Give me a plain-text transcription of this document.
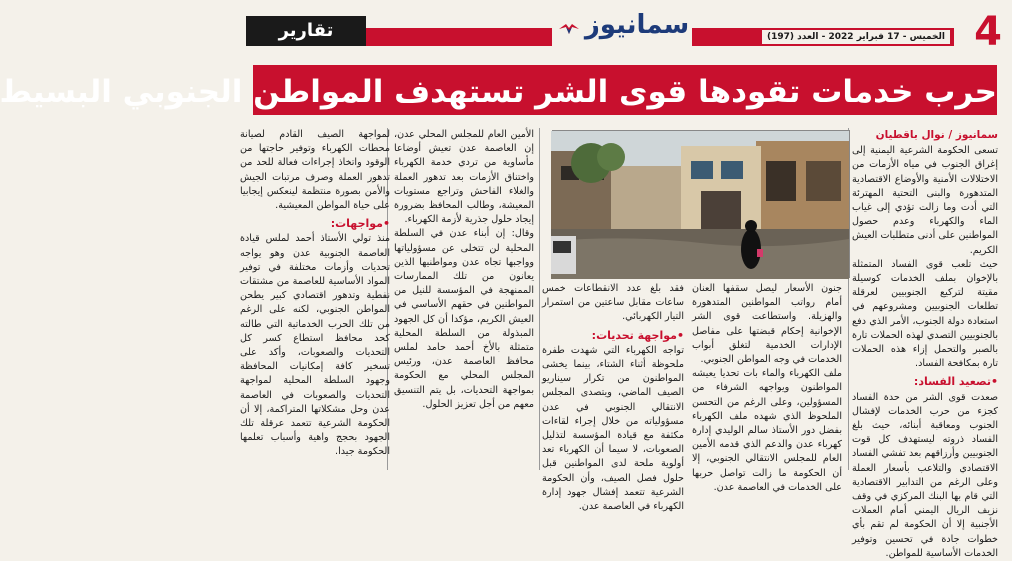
4
الخميس - 17 فبراير 2022 - العدد (197)
سمانيوز
تقارير
حرب خدمات تقودها قوى الشر تستهدف المواطن الجنوبي البسيط
سمانيوز / نوال باقطيان

تسعى الحكومة الشرعية اليمنية إلى إغراق الجنوب في مياه الأزمات من الاختلالات الأمنية والأوضاع الاقتصادية المتدهورة والبنى التحتية المهترئة التي أدت وما زالت تؤدي إلى غياب الماء والكهرباء وعدم حصول المواطنين على أدنى متطلبات العيش الكريم.

حيث تلعب قوى الفساد المتمثلة بالإخوان بملف الخدمات كوسيلة مقيتة لتركيع الجنوبيين لعرقلة تطلعات الجنوبيين ومشروعهم في استعادة دولة الجنوب، الأمر الذي دفع بالجنوبيين التصدي لهذه الحملات تارة بالصبر والتحمل إزاء هذه الحملات تارة بمكافحة الفساد.

•تصعيد الفساد:

صعدت قوى الشر من حدة الفساد كجزء من حرب الخدمات لإفشال الجنوب ومعاقبة أبنائه، حيث بلغ الفساد ذروته ليستهدف كل قوت الجنوبيين وأرزاقهم بعد تفشي الفساد الاقتصادي والتلاعب بأسعار العملة وعلى الرغم من التدابير الاقتصادية التي قام بها البنك المركزي في وقف نزيف الريال اليمني أمام العملات الأجنبية إلا أن الحكومة لم تقم بأي خطوات جادة في تحسين وتوفير الخدمات الأساسية للمواطن.

جنون الأسعار ليصل سقفها العنان أمام رواتب المواطنين المتدهورة والهزيلة. واستطاعت قوى الشر الإخوانية إحكام قبضتها على مفاصل الإدارات الخدمية لتغلق أبواب الخدمات في وجه المواطن الجنوبي.

ملف الكهرباء والماء بات تحديا يعيشه المواطنون ويواجهه الشرفاء من المسؤولين، وعلى الرغم من التحسن الملحوظ الذي شهده ملف الكهرباء بفضل دور الأستاذ سالم الوليدي إدارة كهرباء عدن والدعم الذي قدمه الأمين العام للمجلس الانتقالي الجنوبي، إلا أن الحكومة ما زالت تواصل حربها على الخدمات في العاصمة عدن.

فقد بلغ عدد الانقطاعات خمس ساعات مقابل ساعتين من استمرار التيار الكهربائي.

•مواجهة تحديات:

تواجه الكهرباء التي شهدت طفرة ملحوظة أثناء الشتاء، بينما يخشى المواطنون من تكرار سيناريو الصيف الماضي، ويتصدى المجلس الانتقالي الجنوبي في عدن مسؤولياته من خلال إجراء لقاءات مكثفة مع قيادة المؤسسة لتذليل الصعوبات، لا سيما أن الكهرباء تعد أولوية ملحة لدى المواطنين قبل حلول فصل الصيف، وأن الحكومة الشرعية تتعمد إفشال جهود إدارة الكهرباء في العاصمة عدن.

الأمين العام للمجلس المحلي عدن، إن العاصمة عدن تعيش أوضاعا مأساوية من تردي خدمة الكهرباء واختناق الأزمات بعد تدهور العملة والغلاء الفاحش وتراجع مستويات المعيشة، وطالب المحافظ بضرورة إيجاد حلول جذرية لأزمة الكهرباء.

وقال: إن أبناء عدن في السلطة المحلية لن تتخلى عن مسؤولياتها وواجبها تجاه عدن ومواطنيها الذين يعانون من تلك الممارسات الممنهجة في المؤسسة للنيل من المواطنين في حقهم الأساسي في العيش الكريم، مؤكدا أن كل الجهود المبذولة من السلطة المحلية متمثلة بالأخ أحمد حامد لملس محافظ العاصمة عدن، ورئيس المجلس المحلي مع الحكومة بمواجهة التحديات، بل يتم التنسيق معهم من أجل تعزيز الحلول.

لمواجهة الصيف القادم لصيانة محطات الكهرباء وتوفير حاجتها من الوقود واتخاذ إجراءات فعالة للحد من تدهور العملة وصرف مرتبات الجيش والأمن بصورة منتظمة لينعكس إيجابيا على حياة المواطن المعيشية.

•مواجهات:

منذ تولي الأستاذ أحمد لملس قيادة العاصمة الجنوبية عدن وهو يواجه تحديات وأزمات مختلفة في توفير المواد الأساسية للعاصمة من مشتقات نفطية وتدهور اقتصادي كبير يطحن المواطن الجنوبي، لكنه على الرغم من تلك الحرب الخدماتية التي طالته كحد محافظ استطاع كسر كل التحديات والصعوبات، وأكد على تسخير كافة إمكانيات المحافظة وجهود السلطة المحلية لمواجهة التحديات والصعوبات في العاصمة عدن وحل مشكلاتها المتراكمة، إلا أن الحكومة الشرعية تتعمد عرقلة تلك الجهود بحجج واهية وأسباب تعلمها الحكومة جيدا.
